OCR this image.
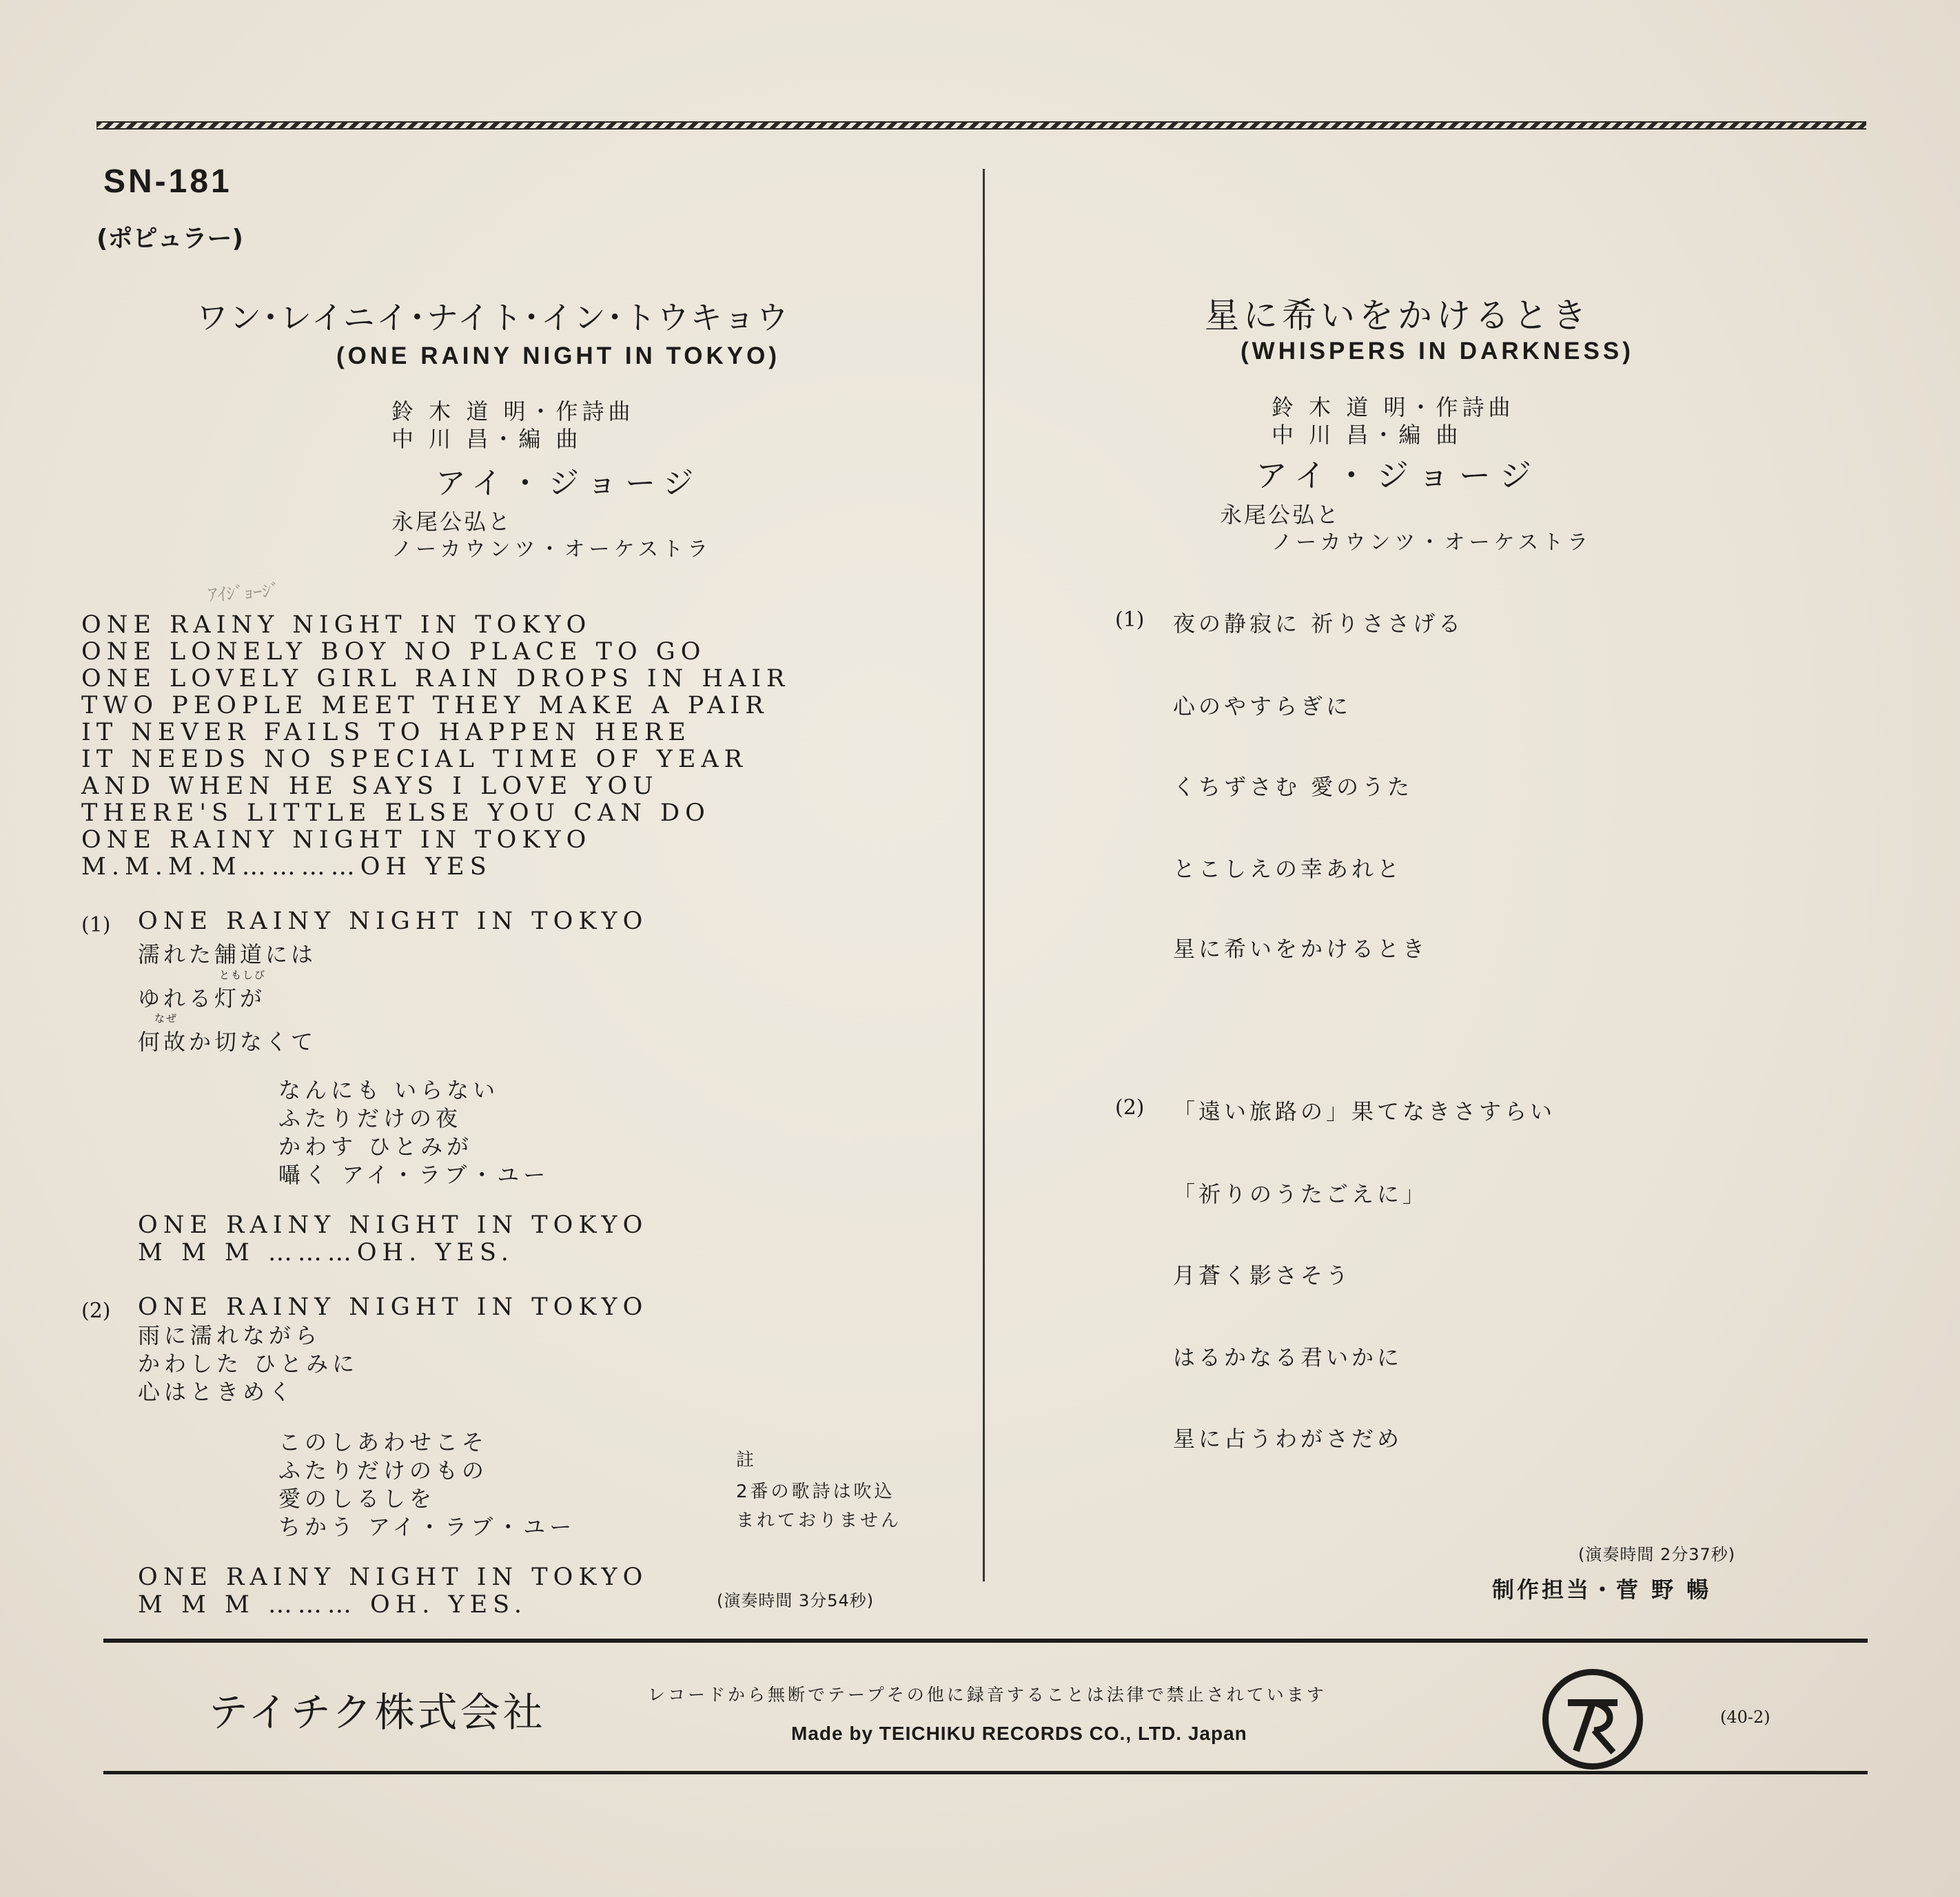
SN-181
(ポピュラー)
ワン･レイニイ･ナイト･イン･トウキョウ
(ONE RAINY NIGHT IN TOKYO)
鈴 木 道 明・作詩曲
中 川 昌・編 曲
アイ・ジョージ
永尾公弘と
ノーカウンツ・オーケストラ
ｱｲｼﾞｮｰｼﾞ
ONE RAINY NIGHT IN TOKYO
ONE LONELY BOY NO PLACE TO GO
ONE LOVELY GIRL RAIN DROPS IN HAIR
TWO PEOPLE MEET THEY MAKE A PAIR
IT NEVER FAILS TO HAPPEN HERE
IT NEEDS NO SPECIAL TIME OF YEAR
AND WHEN HE SAYS I LOVE YOU
THERE'S LITTLE ELSE YOU CAN DO
ONE RAINY NIGHT IN TOKYO
M.M.M.M…………OH YES
(1) ONE RAINY NIGHT IN TOKYO
濡れた舗道には
ともしび
ゆれる灯が
なぜ
何故か切なくて
なんにも いらない
ふたりだけの夜
かわす ひとみが
囁く アイ・ラブ・ユー
ONE RAINY NIGHT IN TOKYO
M M M ………OH. YES.
(2) ONE RAINY NIGHT IN TOKYO
雨に濡れながら
かわした ひとみに
心はときめく
このしあわせこそ
ふたりだけのもの
愛のしるしを
ちかう アイ・ラブ・ユー
ONE RAINY NIGHT IN TOKYO
M M M ……… OH. YES.
註
2番の歌詩は吹込
まれておりません
(演奏時間 3分54秒)
星に希いをかけるとき
(WHISPERS IN DARKNESS)
鈴 木 道 明・作詩曲
中 川 昌・編 曲
アイ・ジョージ
永尾公弘と
ノーカウンツ・オーケストラ
(1) 夜の静寂に 祈りささげる
心のやすらぎに
くちずさむ 愛のうた
とこしえの幸あれと
星に希いをかけるとき
(2) 「遠い旅路の」果てなきさすらい
「祈りのうたごえに」
月蒼く影さそう
はるかなる君いかに
星に占うわがさだめ
(演奏時間 2分37秒)
制作担当・菅 野 暢
テイチク株式会社	レコードから無断でテープその他に録音することは法律で禁止されています
Made by TEICHIKU RECORDS CO., LTD. Japan
(40-2)
